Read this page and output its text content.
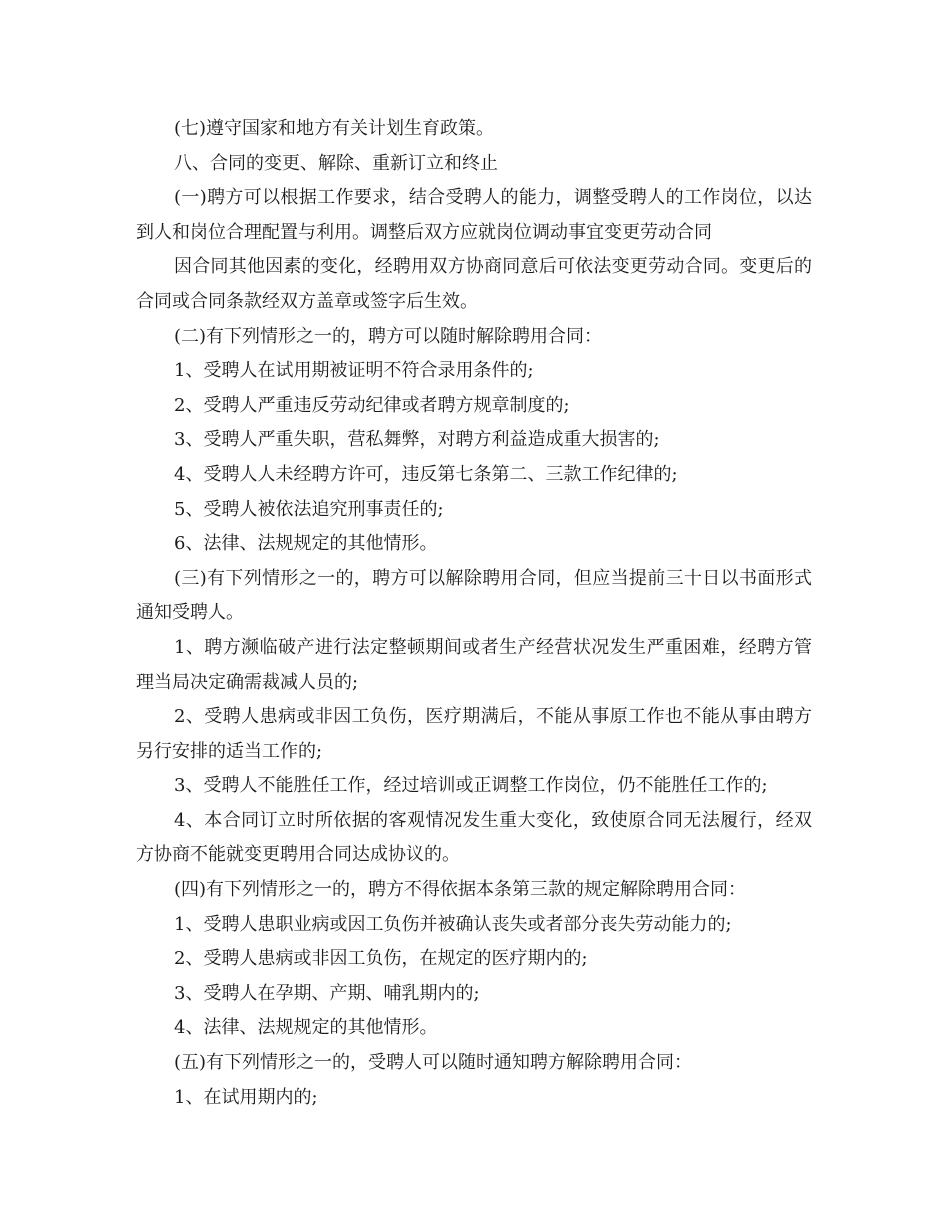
(七)遵守国家和地方有关计划生育政策。

八、合同的变更、解除、重新订立和终止

(一)聘方可以根据工作要求，结合受聘人的能力，调整受聘人的工作岗位，以达到人和岗位合理配置与利用。调整后双方应就岗位调动事宜变更劳动合同

因合同其他因素的变化，经聘用双方协商同意后可依法变更劳动合同。变更后的合同或合同条款经双方盖章或签字后生效。

(二)有下列情形之一的，聘方可以随时解除聘用合同：

1、受聘人在试用期被证明不符合录用条件的;

2、受聘人严重违反劳动纪律或者聘方规章制度的;

3、受聘人严重失职，营私舞弊，对聘方利益造成重大损害的;

4、受聘人人未经聘方许可，违反第七条第二、三款工作纪律的;

5、受聘人被依法追究刑事责任的;

6、法律、法规规定的其他情形。

(三)有下列情形之一的，聘方可以解除聘用合同，但应当提前三十日以书面形式通知受聘人。

1、聘方濒临破产进行法定整顿期间或者生产经营状况发生严重困难，经聘方管理当局决定确需裁减人员的;

2、受聘人患病或非因工负伤，医疗期满后，不能从事原工作也不能从事由聘方另行安排的适当工作的;

3、受聘人不能胜任工作，经过培训或正调整工作岗位，仍不能胜任工作的;

4、本合同订立时所依据的客观情况发生重大变化，致使原合同无法履行，经双方协商不能就变更聘用合同达成协议的。

(四)有下列情形之一的，聘方不得依据本条第三款的规定解除聘用合同：

1、受聘人患职业病或因工负伤并被确认丧失或者部分丧失劳动能力的;

2、受聘人患病或非因工负伤，在规定的医疗期内的;

3、受聘人在孕期、产期、哺乳期内的;

4、法律、法规规定的其他情形。

(五)有下列情形之一的，受聘人可以随时通知聘方解除聘用合同：

1、在试用期内的;
